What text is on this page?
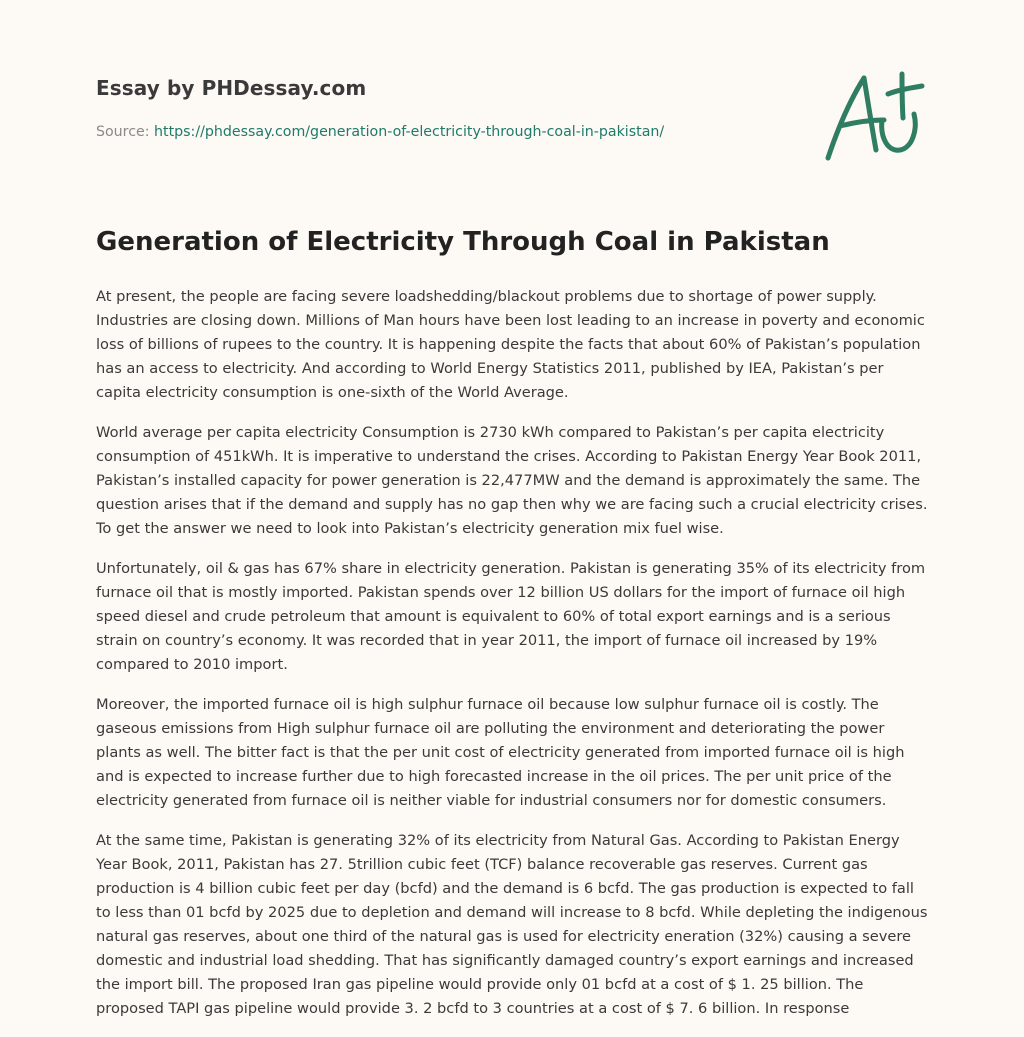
Essay by PHDessay.com
Source: https://phdessay.com/generation-of-electricity-through-coal-in-pakistan/
Generation of Electricity Through Coal in Pakistan

At present, the people are facing severe loadshedding/blackout problems due to shortage of power supply. Industries are closing down. Millions of Man hours have been lost leading to an increase in poverty and economic loss of billions of rupees to the country. It is happening despite the facts that about 60% of Pakistan’s population has an access to electricity. And according to World Energy Statistics 2011, published by IEA, Pakistan’s per capita electricity consumption is one-sixth of the World Average.

World average per capita electricity Consumption is 2730 kWh compared to Pakistan’s per capita electricity consumption of 451kWh. It is imperative to understand the crises. According to Pakistan Energy Year Book 2011, Pakistan’s installed capacity for power generation is 22,477MW and the demand is approximately the same. The question arises that if the demand and supply has no gap then why we are facing such a crucial electricity crises. To get the answer we need to look into Pakistan’s electricity generation mix fuel wise.

Unfortunately, oil & gas has 67% share in electricity generation. Pakistan is generating 35% of its electricity from furnace oil that is mostly imported. Pakistan spends over 12 billion US dollars for the import of furnace oil high speed diesel and crude petroleum that amount is equivalent to 60% of total export earnings and is a serious strain on country’s economy. It was recorded that in year 2011, the import of furnace oil increased by 19% compared to 2010 import.

Moreover, the imported furnace oil is high sulphur furnace oil because low sulphur furnace oil is costly. The gaseous emissions from High sulphur furnace oil are polluting the environment and deteriorating the power plants as well. The bitter fact is that the per unit cost of electricity generated from imported furnace oil is high and is expected to increase further due to high forecasted increase in the oil prices. The per unit price of the electricity generated from furnace oil is neither viable for industrial consumers nor for domestic consumers.

At the same time, Pakistan is generating 32% of its electricity from Natural Gas. According to Pakistan Energy Year Book, 2011, Pakistan has 27. 5trillion cubic feet (TCF) balance recoverable gas reserves. Current gas production is 4 billion cubic feet per day (bcfd) and the demand is 6 bcfd. The gas production is expected to fall to less than 01 bcfd by 2025 due to depletion and demand will increase to 8 bcfd. While depleting the indigenous natural gas reserves, about one third of the natural gas is used for electricity eneration (32%) causing a severe domestic and industrial load shedding. That has significantly damaged country’s export earnings and increased the import bill. The proposed Iran gas pipeline would provide only 01 bcfd at a cost of $ 1. 25 billion. The proposed TAPI gas pipeline would provide 3. 2 bcfd to 3 countries at a cost of $ 7. 6 billion. In response
